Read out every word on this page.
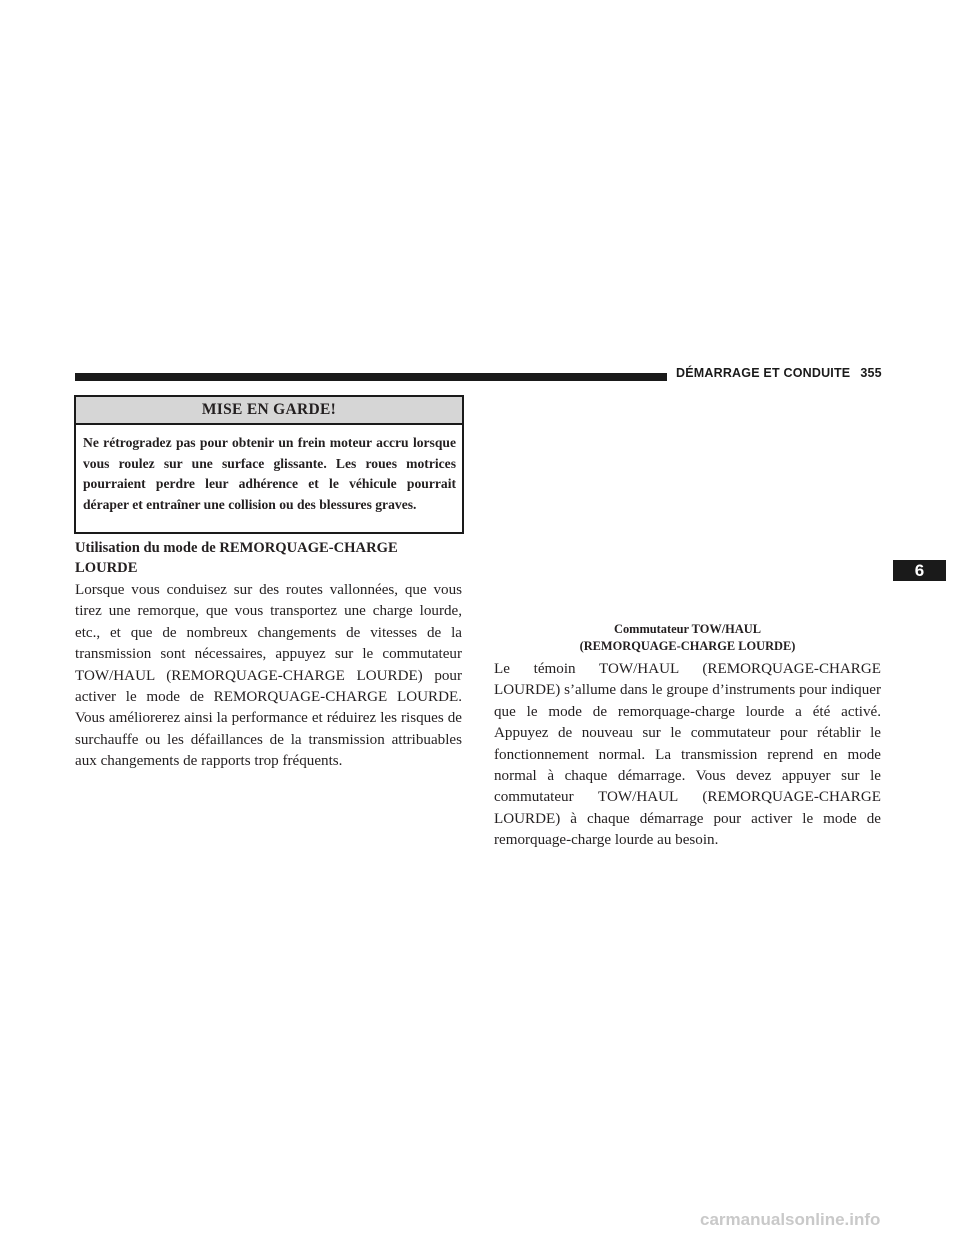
DÉMARRAGE ET CONDUITE 355
6
MISE EN GARDE!
Ne rétrogradez pas pour obtenir un frein moteur accru lorsque vous roulez sur une surface glissante. Les roues motrices pourraient perdre leur adhérence et le véhicule pourrait déraper et entraîner une collision ou des blessures graves.
Utilisation du mode de REMORQUAGE-CHARGE
LOURDE
Lorsque vous conduisez sur des routes vallonnées, que vous tirez une remorque, que vous transportez une charge lourde, etc., et que de nombreux changements de vitesses de la transmission sont nécessaires, appuyez sur le commutateur TOW/HAUL (REMORQUAGE-CHARGE LOURDE) pour activer le mode de REMORQUAGE-CHARGE LOURDE. Vous améliorerez ainsi la performance et réduirez les risques de surchauffe ou les défaillances de la transmission attribuables aux changements de rapports trop fréquents.
Commutateur TOW/HAUL
(REMORQUAGE-CHARGE LOURDE)
Le témoin TOW/HAUL (REMORQUAGE-CHARGE LOURDE) s’allume dans le groupe d’instruments pour indiquer que le mode de remorquage-charge lourde a été activé. Appuyez de nouveau sur le commutateur pour rétablir le fonctionnement normal. La transmission reprend en mode normal à chaque démarrage. Vous devez appuyer sur le commutateur TOW/HAUL (REMORQUAGE-CHARGE LOURDE) à chaque démarrage pour activer le mode de remorquage-charge lourde au besoin.
carmanualsonline.info
